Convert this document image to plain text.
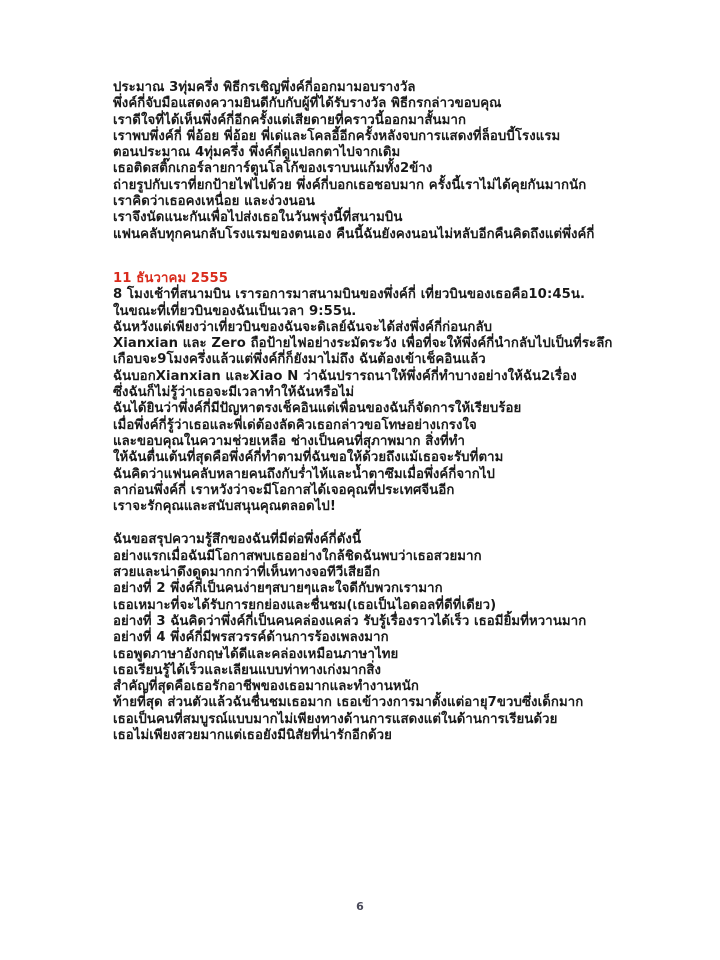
ประมาณ 3ทุ่มครึ่ง พิธีกรเชิญพึ่งค์กี่ออกมามอบรางวัล
พึ่งค์กี่จับมือแสดงความยินดีกับกับผู้ที่ได้รับรางวัล พิธีกรกล่าวขอบคุณ
เราดีใจที่ได้เห็นพึ่งค์กี่อีกครั้งแต่เสียดายที่คราวนี้ออกมาสั้นมาก
เราพบพึ่งค์กี่ พี่อ้อย พี่อ้อย พี่เด่และโคลอี้อีกครั้งหลังจบการแสดงที่ล็อบบี้โรงแรม
ตอนประมาณ 4ทุ่มครึ่ง พึ่งค์กี่ดูแปลกตาไปจากเดิม
เธอติดสติ๊กเกอร์ลายการ์ตูนโลโก้ของเราบนแก้มทั้ง2ข้าง
ถ่ายรูปกับเราที่ยกป้ายไฟไปด้วย พึ่งค์กี่บอกเธอชอบมาก ครั้งนี้เราไม่ได้คุยกันมากนัก
เราคิดว่าเธอคงเหนื่อย และง่วงนอน
เราจึงนัดแนะกันเพื่อไปส่งเธอในวันพรุ่งนี้ที่สนามบิน
แฟนคลับทุกคนกลับโรงแรมของตนเอง คืนนี้ฉันยังคงนอนไม่หลับอีกคืนคิดถึงแต่พึ่งค์กี่
11 ธันวาคม 2555
8 โมงเช้าที่สนามบิน เรารอการมาสนามบินของพึ่งค์กี่ เที่ยวบินของเธอคือ10:45น.
ในขณะที่เที่ยวบินของฉันเป็นเวลา 9:55น.
ฉันหวังแต่เพียงว่าเที่ยวบินของฉันจะดิเลย์ฉันจะได้ส่งพึ่งค์กี่ก่อนกลับ
Xianxian และ Zero ถือป้ายไฟอย่างระมัดระวัง เพื่อที่จะให้พึ่งค์กี่นำกลับไปเป็นที่ระลึก
เกือบจะ9โมงครึ่งแล้วแต่พึ่งค์กี่ก็ยังมาไม่ถึง ฉันต้องเข้าเช็คอินแล้ว
ฉันบอกXianxian และXiao N ว่าฉันปรารถนาให้พึ่งค์กี่ทำบางอย่างให้ฉัน2เรื่อง
ซึ่งฉันก็ไม่รู้ว่าเธอจะมีเวลาทำให้ฉันหรือไม่
ฉันได้ยินว่าพึ่งค์กี่มีปัญหาตรงเช็คอินแต่เพื่อนของฉันก็จัดการให้เรียบร้อย
เมื่อพึ่งค์กี่รู้ว่าเธอและพี่เด่ต้องลัดคิวเธอกล่าวขอโทษอย่างเกรงใจ
และขอบคุณในความช่วยเหลือ ช่างเป็นคนที่สุภาพมาก สิ่งที่ทำ
ให้ฉันตื่นเต้นที่สุดคือพึ่งค์กี่ทำตามที่ฉันขอให้ด้วยถึงแม้เธอจะรับที่ตาม
ฉันคิดว่าแฟนคลับหลายคนถึงกับร่ำไห้และน้ำตาซึมเมื่อพึ่งค์กี่จากไป
ลาก่อนพึ่งค์กี่ เราหวังว่าจะมีโอกาสได้เจอคุณที่ประเทศจีนอีก
เราจะรักคุณและสนับสนุนคุณตลอดไป!
ฉันขอสรุปความรู้สึกของฉันที่มีต่อพึ่งค์กี่ดังนี้
อย่างแรกเมื่อฉันมีโอกาสพบเธออย่างใกล้ชิดฉันพบว่าเธอสวยมาก
สวยและน่าดึงดูดมากกว่าที่เห็นทางจอทีวีเสียอีก
อย่างที่ 2 พึ่งค์กี่เป็นคนง่ายๆสบายๆและใจดีกับพวกเรามาก
เธอเหมาะที่จะได้รับการยกย่องและชื่นชม(เธอเป็นไอดอลที่ดีที่เดียว)
อย่างที่ 3 ฉันคิดว่าพึ่งค์กี่เป็นคนคล่องแคล่ว รับรู้เรื่องราวได้เร็ว เธอมียิ้มที่หวานมาก
อย่างที่ 4 พึ่งค์กี่มีพรสวรรค์ด้านการร้องเพลงมาก
เธอพูดภาษาอังกฤษได้ดีและคล่องเหมือนภาษาไทย
เธอเรียนรู้ได้เร็วและเลียนแบบท่าทางเก่งมากสิ่ง
สำคัญที่สุดคือเธอรักอาชีพของเธอมากและทำงานหนัก
ท้ายที่สุด ส่วนตัวแล้วฉันชื่นชมเธอมาก เธอเข้าวงการมาตั้งแต่อายุ7ขวบซึ่งเด็กมาก
เธอเป็นคนที่สมบูรณ์แบบมากไม่เพียงทางด้านการแสดงแต่ในด้านการเรียนด้วย
เธอไม่เพียงสวยมากแต่เธอยังมีนิสัยที่น่ารักอีกด้วย
6
